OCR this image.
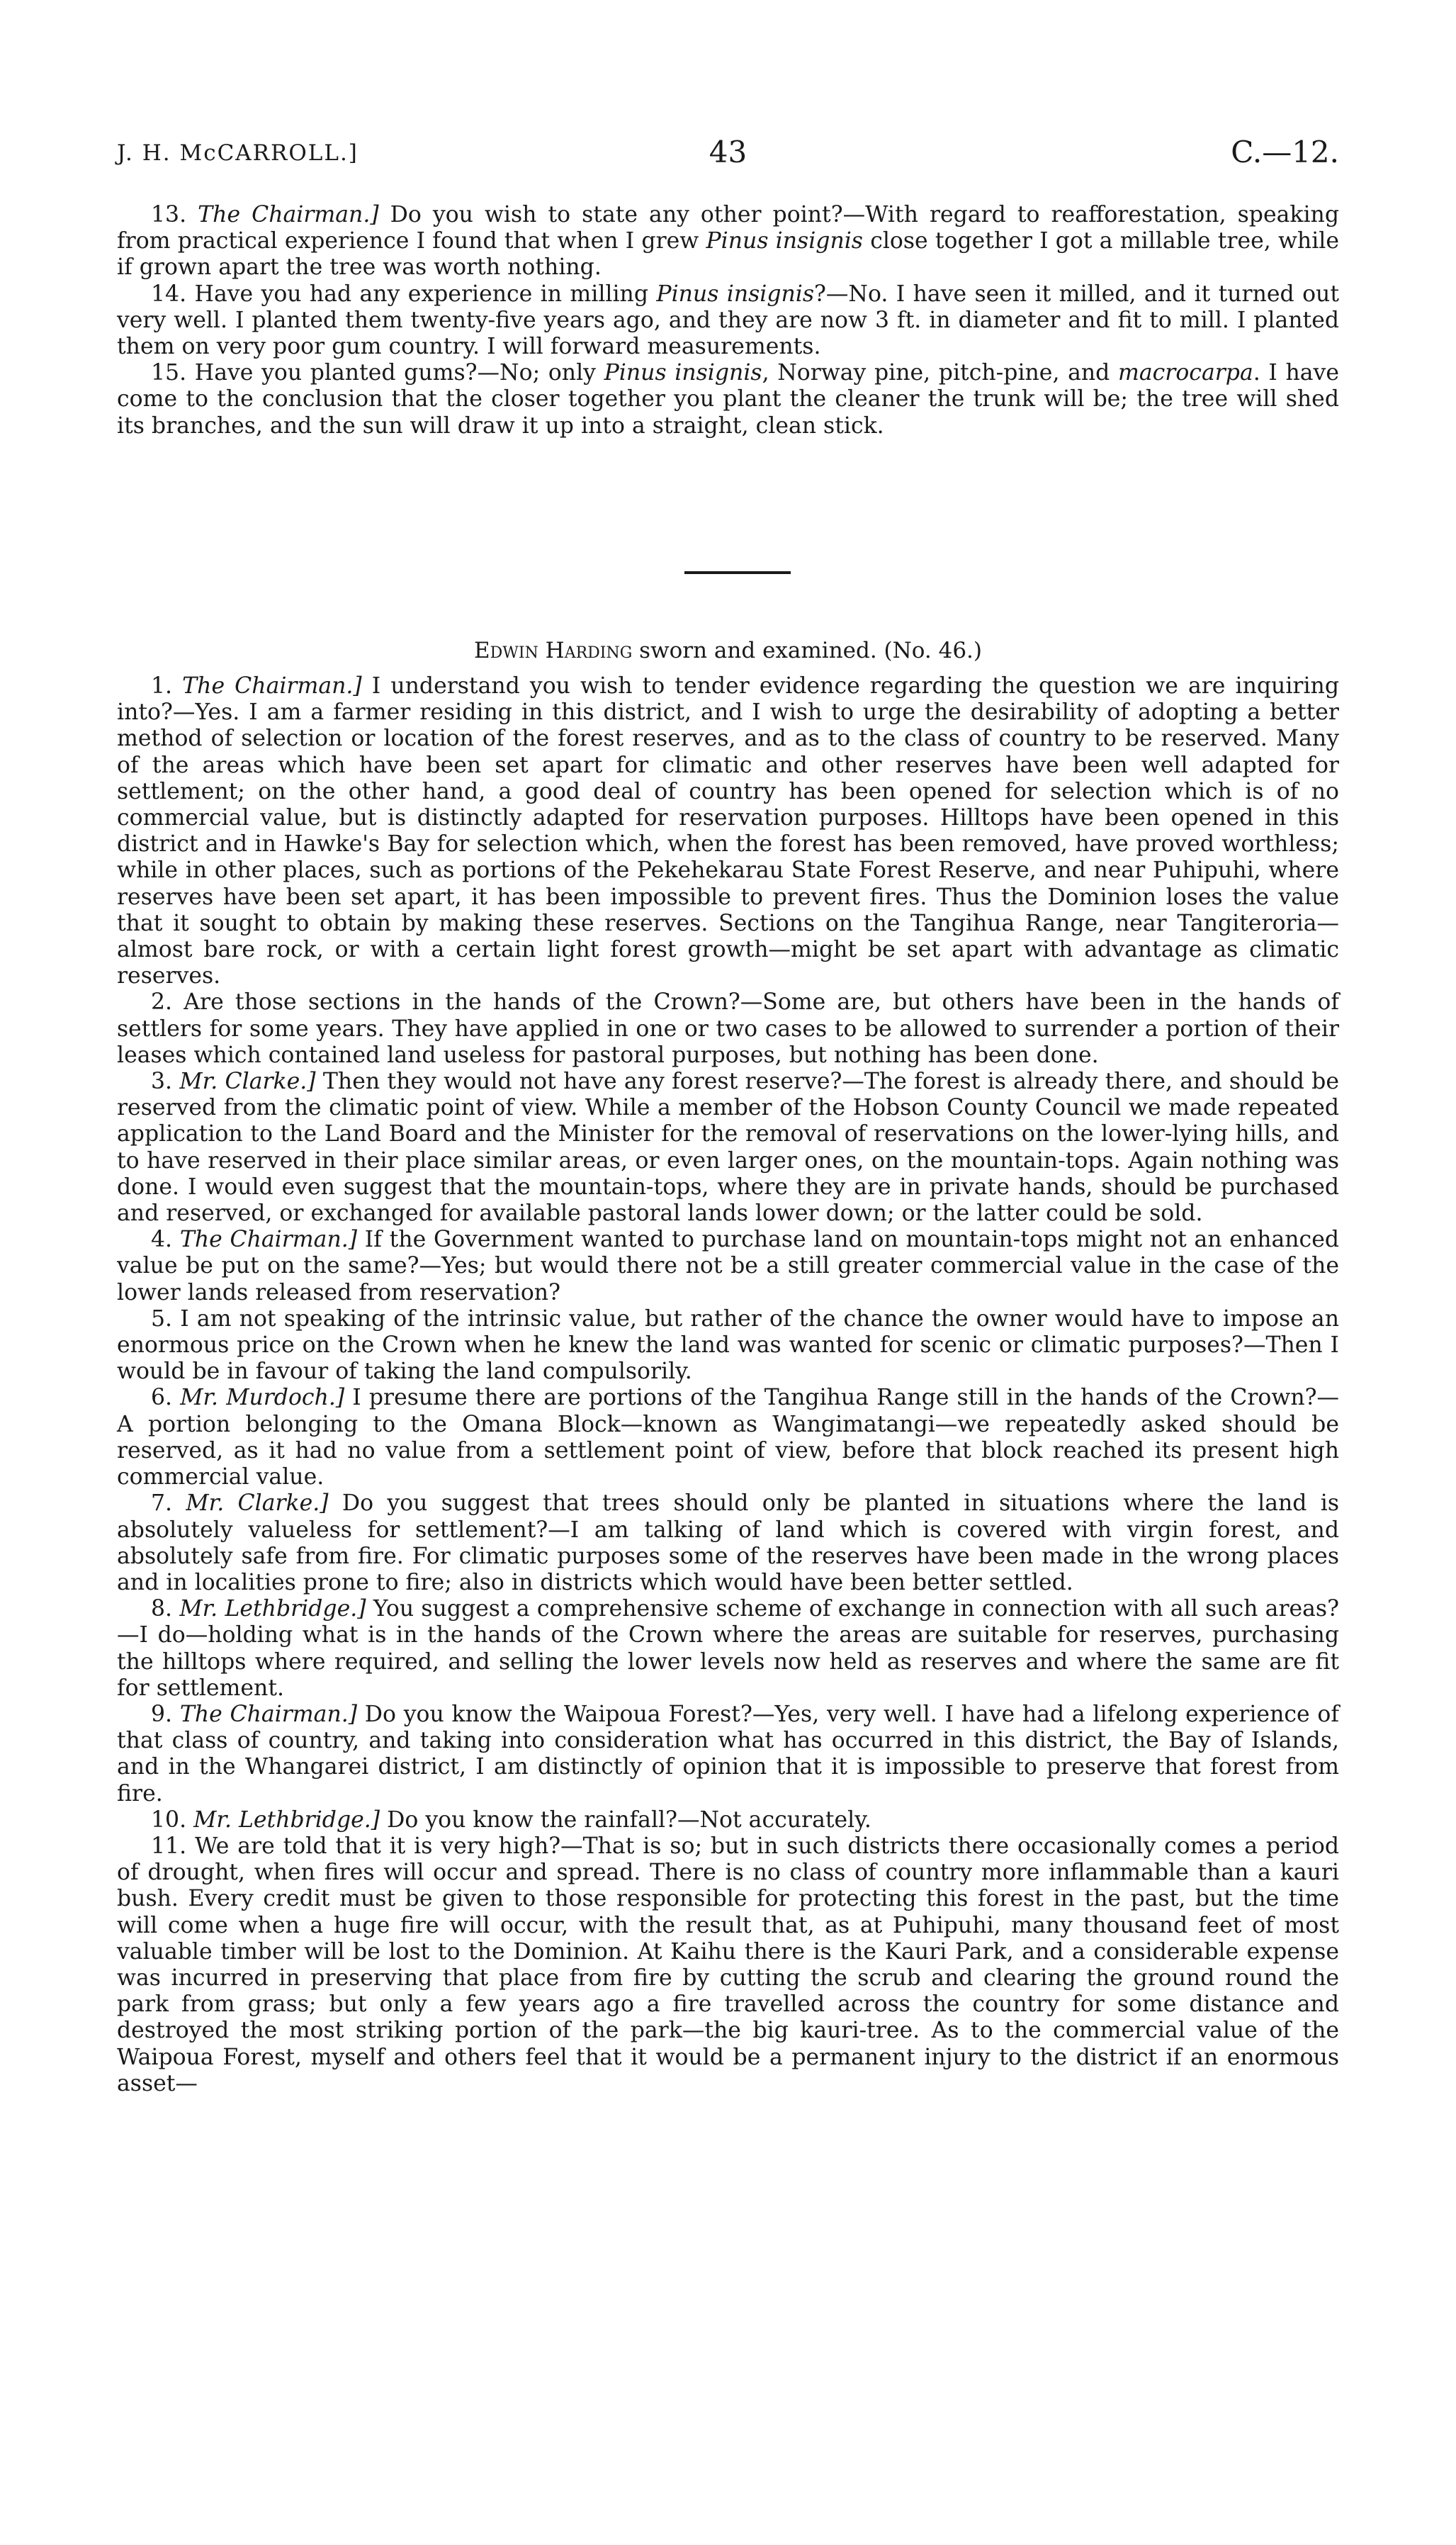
J. H. McCARROLL.]	43	C.—12.

13. The Chairman.] Do you wish to state any other point?—With regard to reafforestation, speaking from practical experience I found that when I grew Pinus insignis close together I got a millable tree, while if grown apart the tree was worth nothing.

14. Have you had any experience in milling Pinus insignis?—No. I have seen it milled, and it turned out very well. I planted them twenty-five years ago, and they are now 3 ft. in diameter and fit to mill. I planted them on very poor gum country. I will forward measurements.

15. Have you planted gums?—No; only Pinus insignis, Norway pine, pitch-pine, and macrocarpa. I have come to the conclusion that the closer together you plant the cleaner the trunk will be; the tree will shed its branches, and the sun will draw it up into a straight, clean stick.

Edwin Harding sworn and examined. (No. 46.)

1. The Chairman.] I understand you wish to tender evidence regarding the question we are inquiring into?—Yes. I am a farmer residing in this district, and I wish to urge the desirability of adopting a better method of selection or location of the forest reserves, and as to the class of country to be reserved. Many of the areas which have been set apart for climatic and other reserves have been well adapted for settlement; on the other hand, a good deal of country has been opened for selection which is of no commercial value, but is distinctly adapted for reservation purposes. Hilltops have been opened in this district and in Hawke's Bay for selection which, when the forest has been removed, have proved worthless; while in other places, such as portions of the Pekehekarau State Forest Reserve, and near Puhipuhi, where reserves have been set apart, it has been impossible to prevent fires. Thus the Dominion loses the value that it sought to obtain by making these reserves. Sections on the Tangihua Range, near Tangiteroria—almost bare rock, or with a certain light forest growth—might be set apart with advantage as climatic reserves.

2. Are those sections in the hands of the Crown?—Some are, but others have been in the hands of settlers for some years. They have applied in one or two cases to be allowed to surrender a portion of their leases which contained land useless for pastoral purposes, but nothing has been done.

3. Mr. Clarke.] Then they would not have any forest reserve?—The forest is already there, and should be reserved from the climatic point of view. While a member of the Hobson County Council we made repeated application to the Land Board and the Minister for the removal of reservations on the lower-lying hills, and to have reserved in their place similar areas, or even larger ones, on the mountain-tops. Again nothing was done. I would even suggest that the mountain-tops, where they are in private hands, should be purchased and reserved, or exchanged for available pastoral lands lower down; or the latter could be sold.

4. The Chairman.] If the Government wanted to purchase land on mountain-tops might not an enhanced value be put on the same?—Yes; but would there not be a still greater commercial value in the case of the lower lands released from reservation?

5. I am not speaking of the intrinsic value, but rather of the chance the owner would have to impose an enormous price on the Crown when he knew the land was wanted for scenic or climatic purposes?—Then I would be in favour of taking the land compulsorily.

6. Mr. Murdoch.] I presume there are portions of the Tangihua Range still in the hands of the Crown?—A portion belonging to the Omana Block—known as Wangimatangi—we repeatedly asked should be reserved, as it had no value from a settlement point of view, before that block reached its present high commercial value.

7. Mr. Clarke.] Do you suggest that trees should only be planted in situations where the land is absolutely valueless for settlement?—I am talking of land which is covered with virgin forest, and absolutely safe from fire. For climatic purposes some of the reserves have been made in the wrong places and in localities prone to fire; also in districts which would have been better settled.

8. Mr. Lethbridge.] You suggest a comprehensive scheme of exchange in connection with all such areas?—I do—holding what is in the hands of the Crown where the areas are suitable for reserves, purchasing the hilltops where required, and selling the lower levels now held as reserves and where the same are fit for settlement.

9. The Chairman.] Do you know the Waipoua Forest?—Yes, very well. I have had a lifelong experience of that class of country, and taking into consideration what has occurred in this district, the Bay of Islands, and in the Whangarei district, I am distinctly of opinion that it is impossible to preserve that forest from fire.

10. Mr. Lethbridge.] Do you know the rainfall?—Not accurately.

11. We are told that it is very high?—That is so; but in such districts there occasionally comes a period of drought, when fires will occur and spread. There is no class of country more inflammable than a kauri bush. Every credit must be given to those responsible for protecting this forest in the past, but the time will come when a huge fire will occur, with the result that, as at Puhipuhi, many thousand feet of most valuable timber will be lost to the Dominion. At Kaihu there is the Kauri Park, and a considerable expense was incurred in preserving that place from fire by cutting the scrub and clearing the ground round the park from grass; but only a few years ago a fire travelled across the country for some distance and destroyed the most striking portion of the park—the big kauri-tree. As to the commercial value of the Waipoua Forest, myself and others feel that it would be a permanent injury to the district if an enormous asset—
